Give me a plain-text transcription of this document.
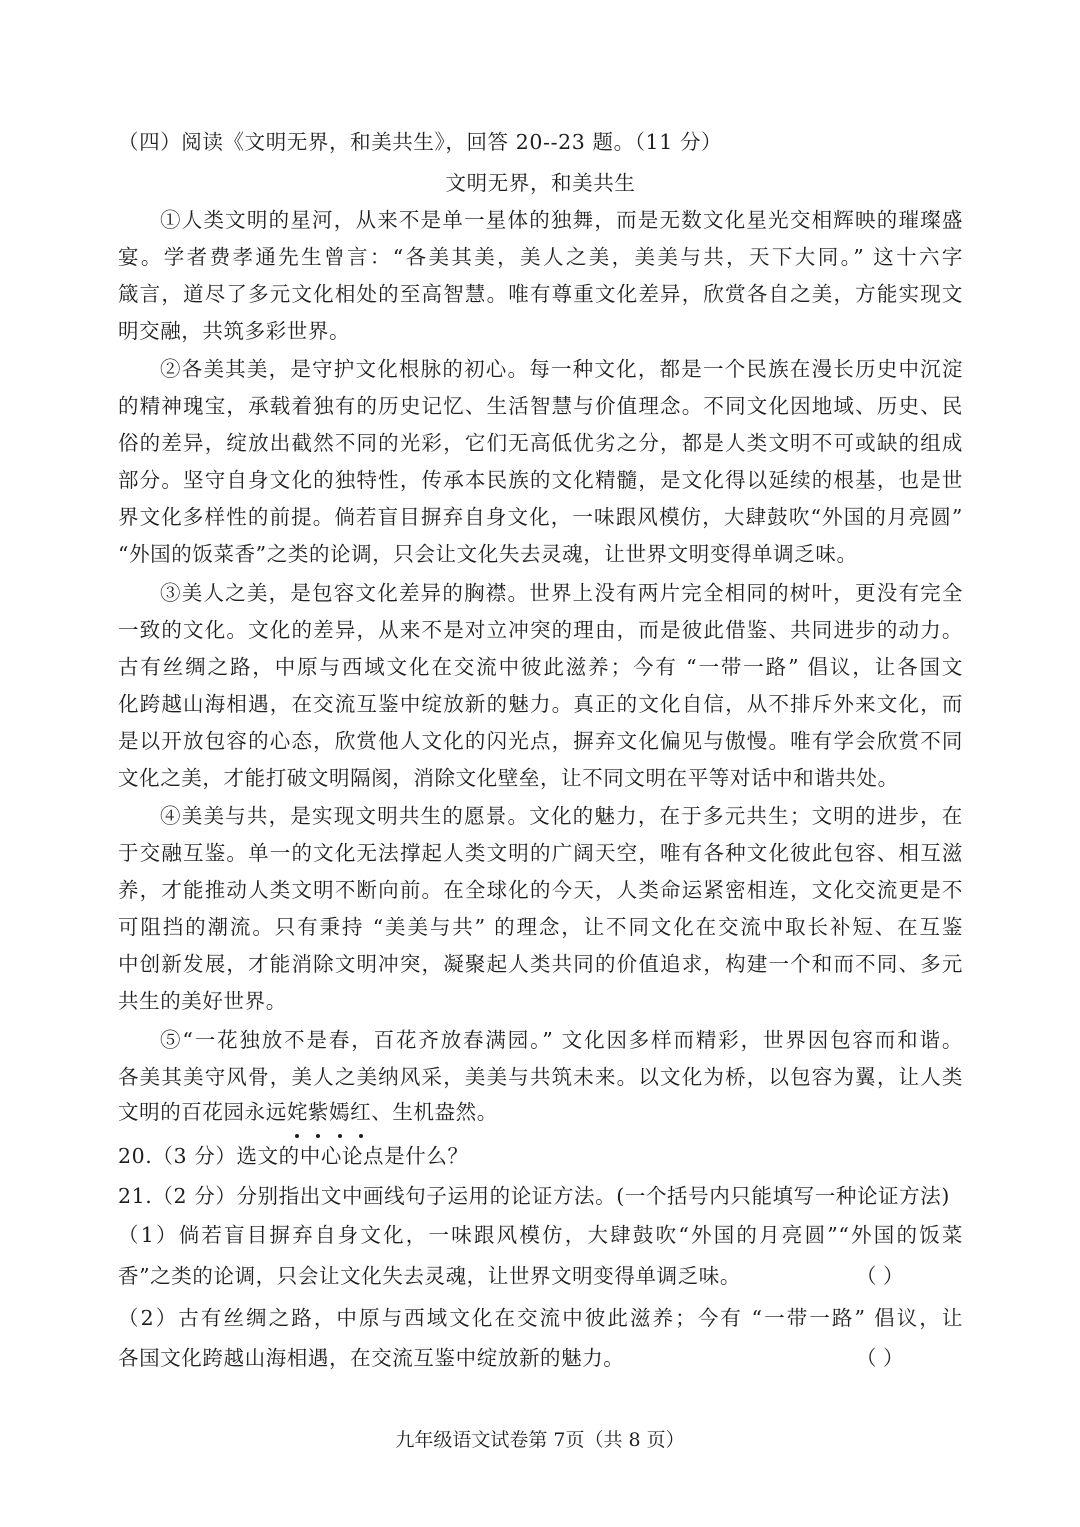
（四）阅读《文明无界，和美共生》，回答 20--23 题。（11 分）
文明无界，和美共生
①人类文明的星河，从来不是单一星体的独舞，而是无数文化星光交相辉映的璀璨盛
宴。学者费孝通先生曾言：“各美其美，美人之美，美美与共，天下大同。” 这十六字
箴言，道尽了多元文化相处的至高智慧。唯有尊重文化差异，欣赏各自之美，方能实现文
明交融，共筑多彩世界。
②各美其美，是守护文化根脉的初心。每一种文化，都是一个民族在漫长历史中沉淀
的精神瑰宝，承载着独有的历史记忆、生活智慧与价值理念。不同文化因地域、历史、民
俗的差异，绽放出截然不同的光彩，它们无高低优劣之分，都是人类文明不可或缺的组成
部分。坚守自身文化的独特性，传承本民族的文化精髓，是文化得以延续的根基，也是世
界文化多样性的前提。倘若盲目摒弃自身文化，一味跟风模仿，大肆鼓吹“外国的月亮圆”
“外国的饭菜香”之类的论调，只会让文化失去灵魂，让世界文明变得单调乏味。
③美人之美，是包容文化差异的胸襟。世界上没有两片完全相同的树叶，更没有完全
一致的文化。文化的差异，从来不是对立冲突的理由，而是彼此借鉴、共同进步的动力。
古有丝绸之路，中原与西域文化在交流中彼此滋养；今有 “一带一路” 倡议，让各国文
化跨越山海相遇，在交流互鉴中绽放新的魅力。真正的文化自信，从不排斥外来文化，而
是以开放包容的心态，欣赏他人文化的闪光点，摒弃文化偏见与傲慢。唯有学会欣赏不同
文化之美，才能打破文明隔阂，消除文化壁垒，让不同文明在平等对话中和谐共处。
④美美与共，是实现文明共生的愿景。文化的魅力，在于多元共生；文明的进步，在
于交融互鉴。单一的文化无法撑起人类文明的广阔天空，唯有各种文化彼此包容、相互滋
养，才能推动人类文明不断向前。在全球化的今天，人类命运紧密相连，文化交流更是不
可阻挡的潮流。只有秉持 “美美与共” 的理念，让不同文化在交流中取长补短、在互鉴
中创新发展，才能消除文明冲突，凝聚起人类共同的价值追求，构建一个和而不同、多元
共生的美好世界。
⑤“一花独放不是春，百花齐放春满园。” 文化因多样而精彩，世界因包容而和谐。
各美其美守风骨，美人之美纳风采，美美与共筑未来。以文化为桥，以包容为翼，让人类
文明的百花园永远姹紫嫣红、生机盎然。
20.（3 分）选文的中心论点是什么？
21.（2 分）分别指出文中画线句子运用的论证方法。(一个括号内只能填写一种论证方法)
（1）倘若盲目摒弃自身文化，一味跟风模仿，大肆鼓吹“外国的月亮圆”“外国的饭菜
香”之类的论调，只会让文化失去灵魂，让世界文明变得单调乏味。	（ ）
（2）古有丝绸之路，中原与西域文化在交流中彼此滋养；今有 “一带一路” 倡议，让
各国文化跨越山海相遇，在交流互鉴中绽放新的魅力。	（ ）
九年级语文试卷第 7页（共 8 页）
